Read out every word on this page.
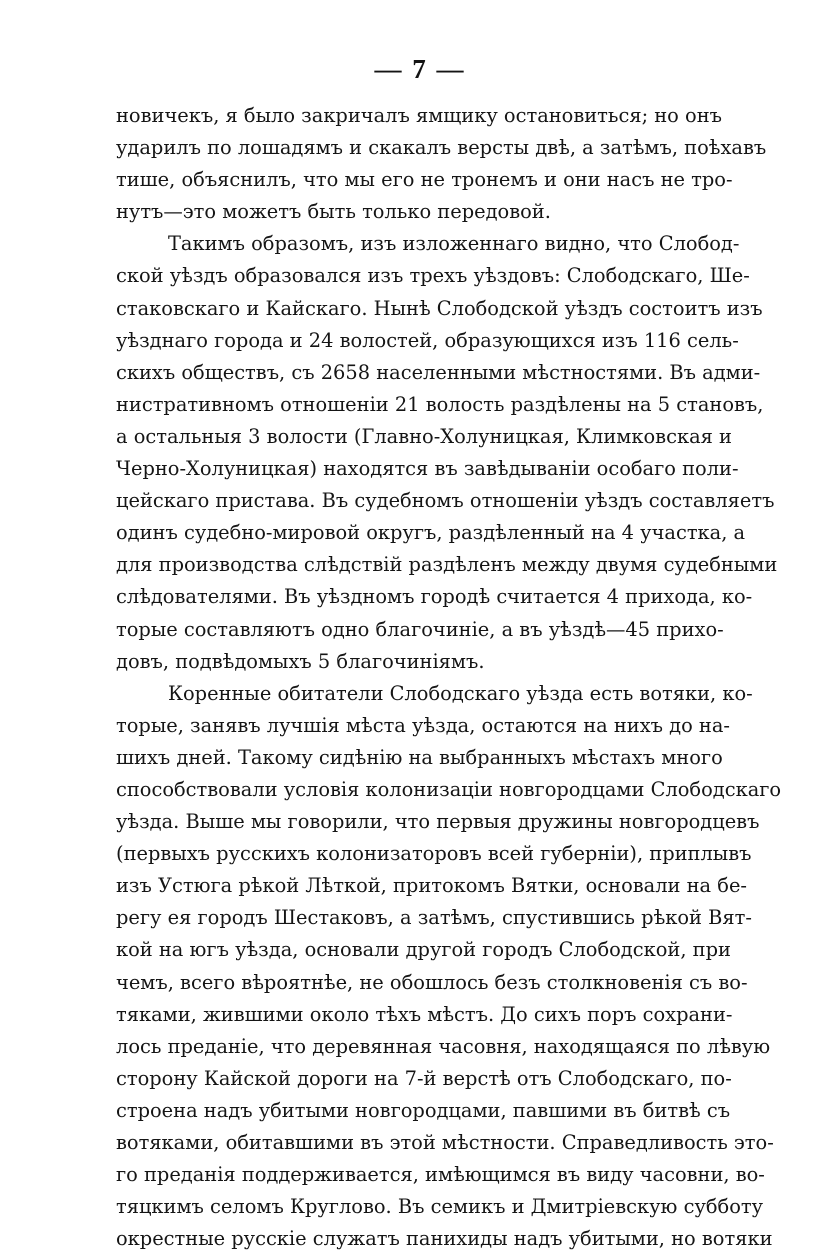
— 7 —
новичекъ, я было закричалъ ямщику остановиться; но онъ
ударилъ по лошадямъ и скакалъ версты двѣ, а затѣмъ, поѣхавъ
тише, объяснилъ, что мы его не тронемъ и они насъ не тро-
нутъ—это можетъ быть только передовой.
Такимъ образомъ, изъ изложеннаго видно, что Слобод-
ской уѣздъ образовался изъ трехъ уѣздовъ: Слободскаго, Ше-
стаковскаго и Кайскаго. Нынѣ Слободской уѣздъ состоитъ изъ
уѣзднаго города и 24 волостей, образующихся изъ 116 сель-
скихъ обществъ, съ 2658 населенными мѣстностями. Въ адми-
нистративномъ отношеніи 21 волость раздѣлены на 5 становъ,
а остальныя 3 волости (Главно-Холуницкая, Климковская и
Черно-Холуницкая) находятся въ завѣдываніи особаго поли-
цейскаго пристава. Въ судебномъ отношеніи уѣздъ составляетъ
одинъ судебно-мировой округъ, раздѣленный на 4 участка, а
для производства слѣдствій раздѣленъ между двумя судебными
слѣдователями. Въ уѣздномъ городѣ считается 4 прихода, ко-
торые составляютъ одно благочиніе, а въ уѣздѣ—45 прихо-
довъ, подвѣдомыхъ 5 благочиніямъ.
Коренные обитатели Слободскаго уѣзда есть вотяки, ко-
торые, занявъ лучшія мѣста уѣзда, остаются на нихъ до на-
шихъ дней. Такому сидѣнію на выбранныхъ мѣстахъ много
способствовали условія колонизаціи новгородцами Слободскаго
уѣзда. Выше мы говорили, что первыя дружины новгородцевъ
(первыхъ русскихъ колонизаторовъ всей губерніи), приплывъ
изъ Устюга рѣкой Лѣткой, притокомъ Вятки, основали на бе-
регу ея городъ Шестаковъ, а затѣмъ, спустившись рѣкой Вят-
кой на югъ уѣзда, основали другой городъ Слободской, при
чемъ, всего вѣроятнѣе, не обошлось безъ столкновенія съ во-
тяками, жившими около тѣхъ мѣстъ. До сихъ поръ сохрани-
лось преданіе, что деревянная часовня, находящаяся по лѣвую
сторону Кайской дороги на 7-й верстѣ отъ Слободскаго, по-
строена надъ убитыми новгородцами, павшими въ битвѣ съ
вотяками, обитавшими въ этой мѣстности. Справедливость это-
го преданія поддерживается, имѣющимся въ виду часовни, во-
тяцкимъ селомъ Круглово. Въ семикъ и Дмитріевскую субботу
окрестные русскіе служатъ панихиды надъ убитыми, но вотяки
